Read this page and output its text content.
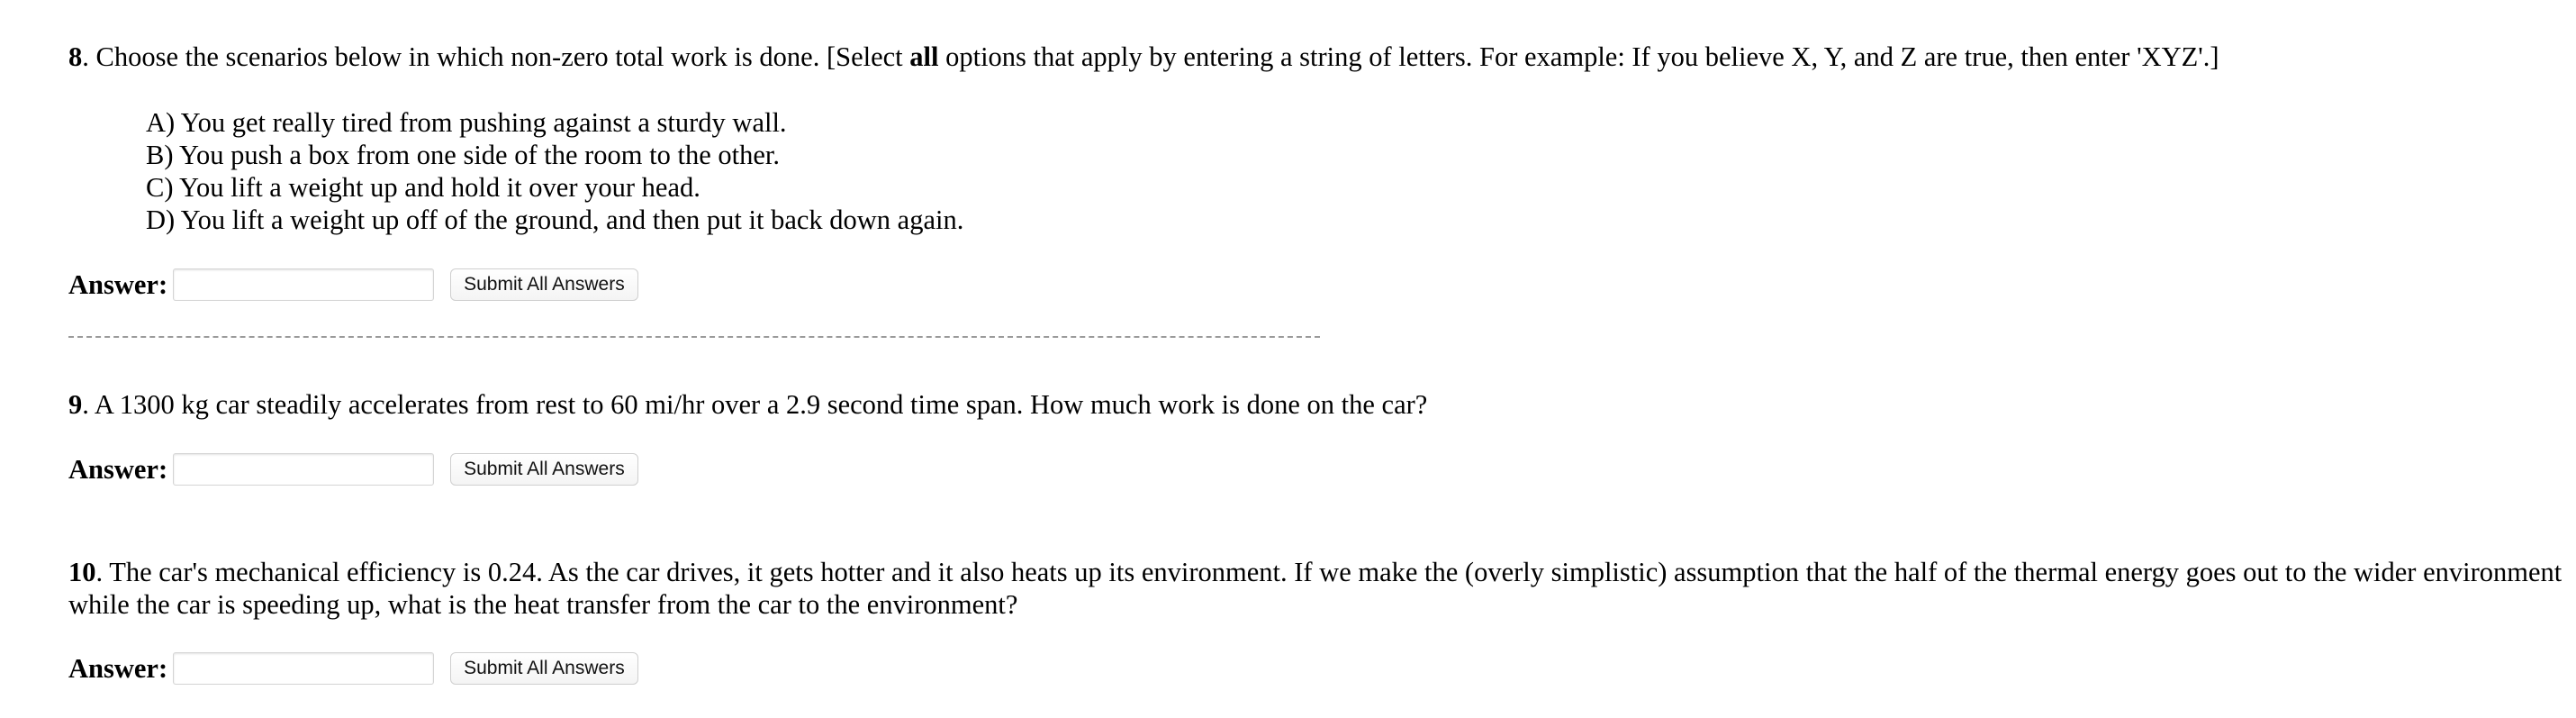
8. Choose the scenarios below in which non-zero total work is done. [Select all options that apply by entering a string of letters. For example: If you believe X, Y, and Z are true, then enter 'XYZ'.]
A) You get really tired from pushing against a sturdy wall.
B) You push a box from one side of the room to the other.
C) You lift a weight up and hold it over your head.
D) You lift a weight up off of the ground, and then put it back down again.
Answer:	Submit All Answers
9. A 1300 kg car steadily accelerates from rest to 60 mi/hr over a 2.9 second time span. How much work is done on the car?
Answer:	Submit All Answers
10. The car's mechanical efficiency is 0.24. As the car drives, it gets hotter and it also heats up its environment. If we make the (overly simplistic) assumption that the half of the thermal energy goes out to the wider environment while the car is speeding up, what is the heat transfer from the car to the environment?
Answer:	Submit All Answers
